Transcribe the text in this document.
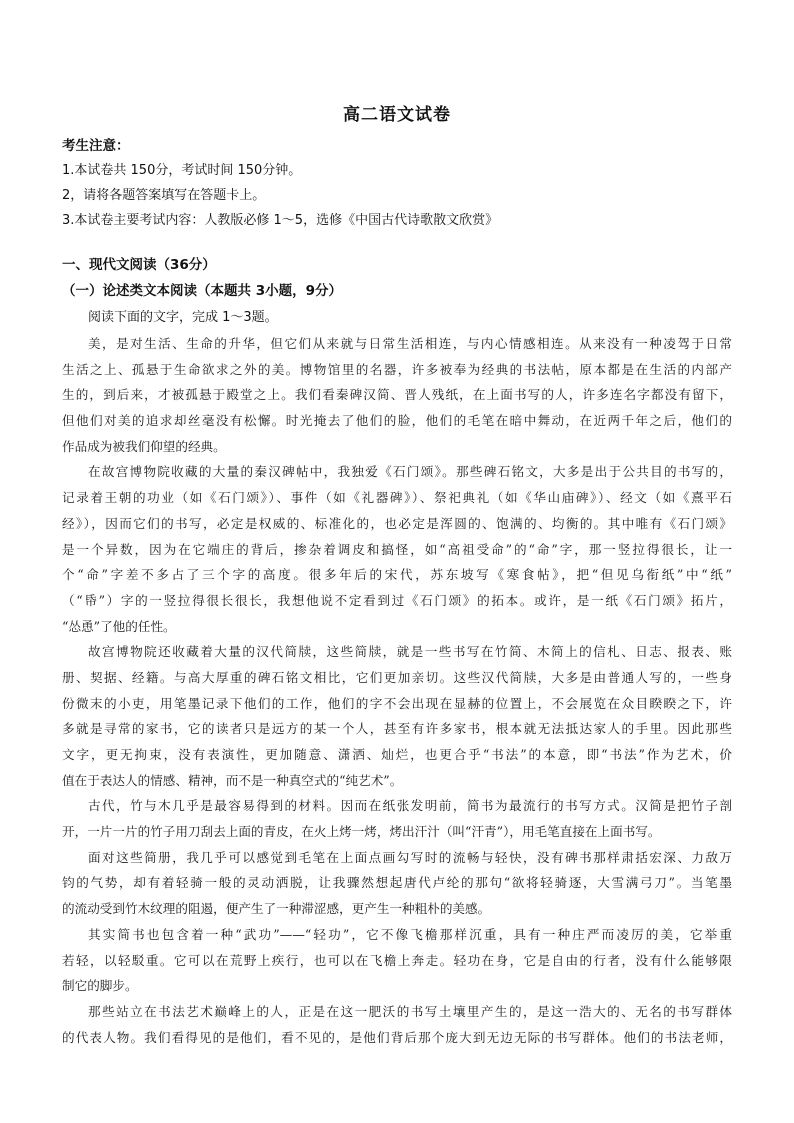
高二语文试卷
考生注意：
1.本试卷共 150分，考试时间 150分钟。
2，请将各题答案填写在答题卡上。
3.本试卷主要考试内容：人教版必修 1～5，选修《中国古代诗歌散文欣赏》
一、现代文阅读（36分）
（一）论述类文本阅读（本题共 3小题，9分）
阅读下面的文字，完成 1～3题。
美，是对生活、生命的升华，但它们从来就与日常生活相连，与内心情感相连。从来没有一种凌驾于日常
生活之上、孤悬于生命欲求之外的美。博物馆里的名器，许多被奉为经典的书法帖，原本都是在生活的内部产
生的，到后来，才被孤悬于殿堂之上。我们看秦碑汉简、晋人残纸，在上面书写的人，许多连名字都没有留下，
但他们对美的追求却丝毫没有松懈。时光掩去了他们的脸，他们的毛笔在暗中舞动，在近两千年之后，他们的
作品成为被我们仰望的经典。
在故宫博物院收藏的大量的秦汉碑帖中，我独爱《石门颂》。那些碑石铭文，大多是出于公共目的书写的，
记录着王朝的功业（如《石门颂》）、事件（如《礼器碑》）、祭祀典礼（如《华山庙碑》）、经文（如《熹平石
经》），因而它们的书写，必定是权威的、标准化的，也必定是浑圆的、饱满的、均衡的。其中唯有《石门颂》
是一个异数，因为在它端庄的背后，掺杂着调皮和搞怪，如“高祖受命”的“命”字，那一竖拉得很长，让一
个“命”字差不多占了三个字的高度。很多年后的宋代，苏东坡写《寒食帖》，把“但见乌衔纸”中“纸”
（“帋”）字的一竖拉得很长很长，我想他说不定看到过《石门颂》的拓本。或许，是一纸《石门颂》拓片，
“怂恿”了他的任性。
故宫博物院还收藏着大量的汉代简牍，这些简牍，就是一些书写在竹简、木简上的信札、日志、报表、账
册、契据、经籍。与高大厚重的碑石铭文相比，它们更加亲切。这些汉代简牍，大多是由普通人写的，一些身
份微末的小吏，用笔墨记录下他们的工作，他们的字不会出现在显赫的位置上，不会展览在众目睽睽之下，许
多就是寻常的家书，它的读者只是远方的某一个人，甚至有许多家书，根本就无法抵达家人的手里。因此那些
文字，更无拘束，没有表演性，更加随意、潇洒、灿烂，也更合乎“书法”的本意，即“书法”作为艺术，价
值在于表达人的情感、精神，而不是一种真空式的“纯艺术”。
古代，竹与木几乎是最容易得到的材料。因而在纸张发明前，简书为最流行的书写方式。汉简是把竹子剖
开，一片一片的竹子用刀刮去上面的青皮，在火上烤一烤，烤出汗汁（叫“汗青”），用毛笔直接在上面书写。
面对这些简册，我几乎可以感觉到毛笔在上面点画勾写时的流畅与轻快，没有碑书那样肃括宏深、力敌万
钧的气势，却有着轻骑一般的灵动洒脱，让我骤然想起唐代卢纶的那句“欲将轻骑逐，大雪满弓刀”。当笔墨
的流动受到竹木纹理的阻遏，便产生了一种滞涩感，更产生一种粗朴的美感。
其实简书也包含着一种“武功”——“轻功”，它不像飞檐那样沉重，具有一种庄严而凌厉的美，它举重
若轻，以轻駁重。它可以在荒野上疾行，也可以在飞檐上奔走。轻功在身，它是自由的行者，没有什么能够限
制它的脚步。
那些站立在书法艺术巅峰上的人，正是在这一肥沃的书写土壤里产生的，是这一浩大的、无名的书写群体
的代表人物。我们看得见的是他们，看不见的，是他们背后那个庞大到无边无际的书写群体。他们的书法老师，
